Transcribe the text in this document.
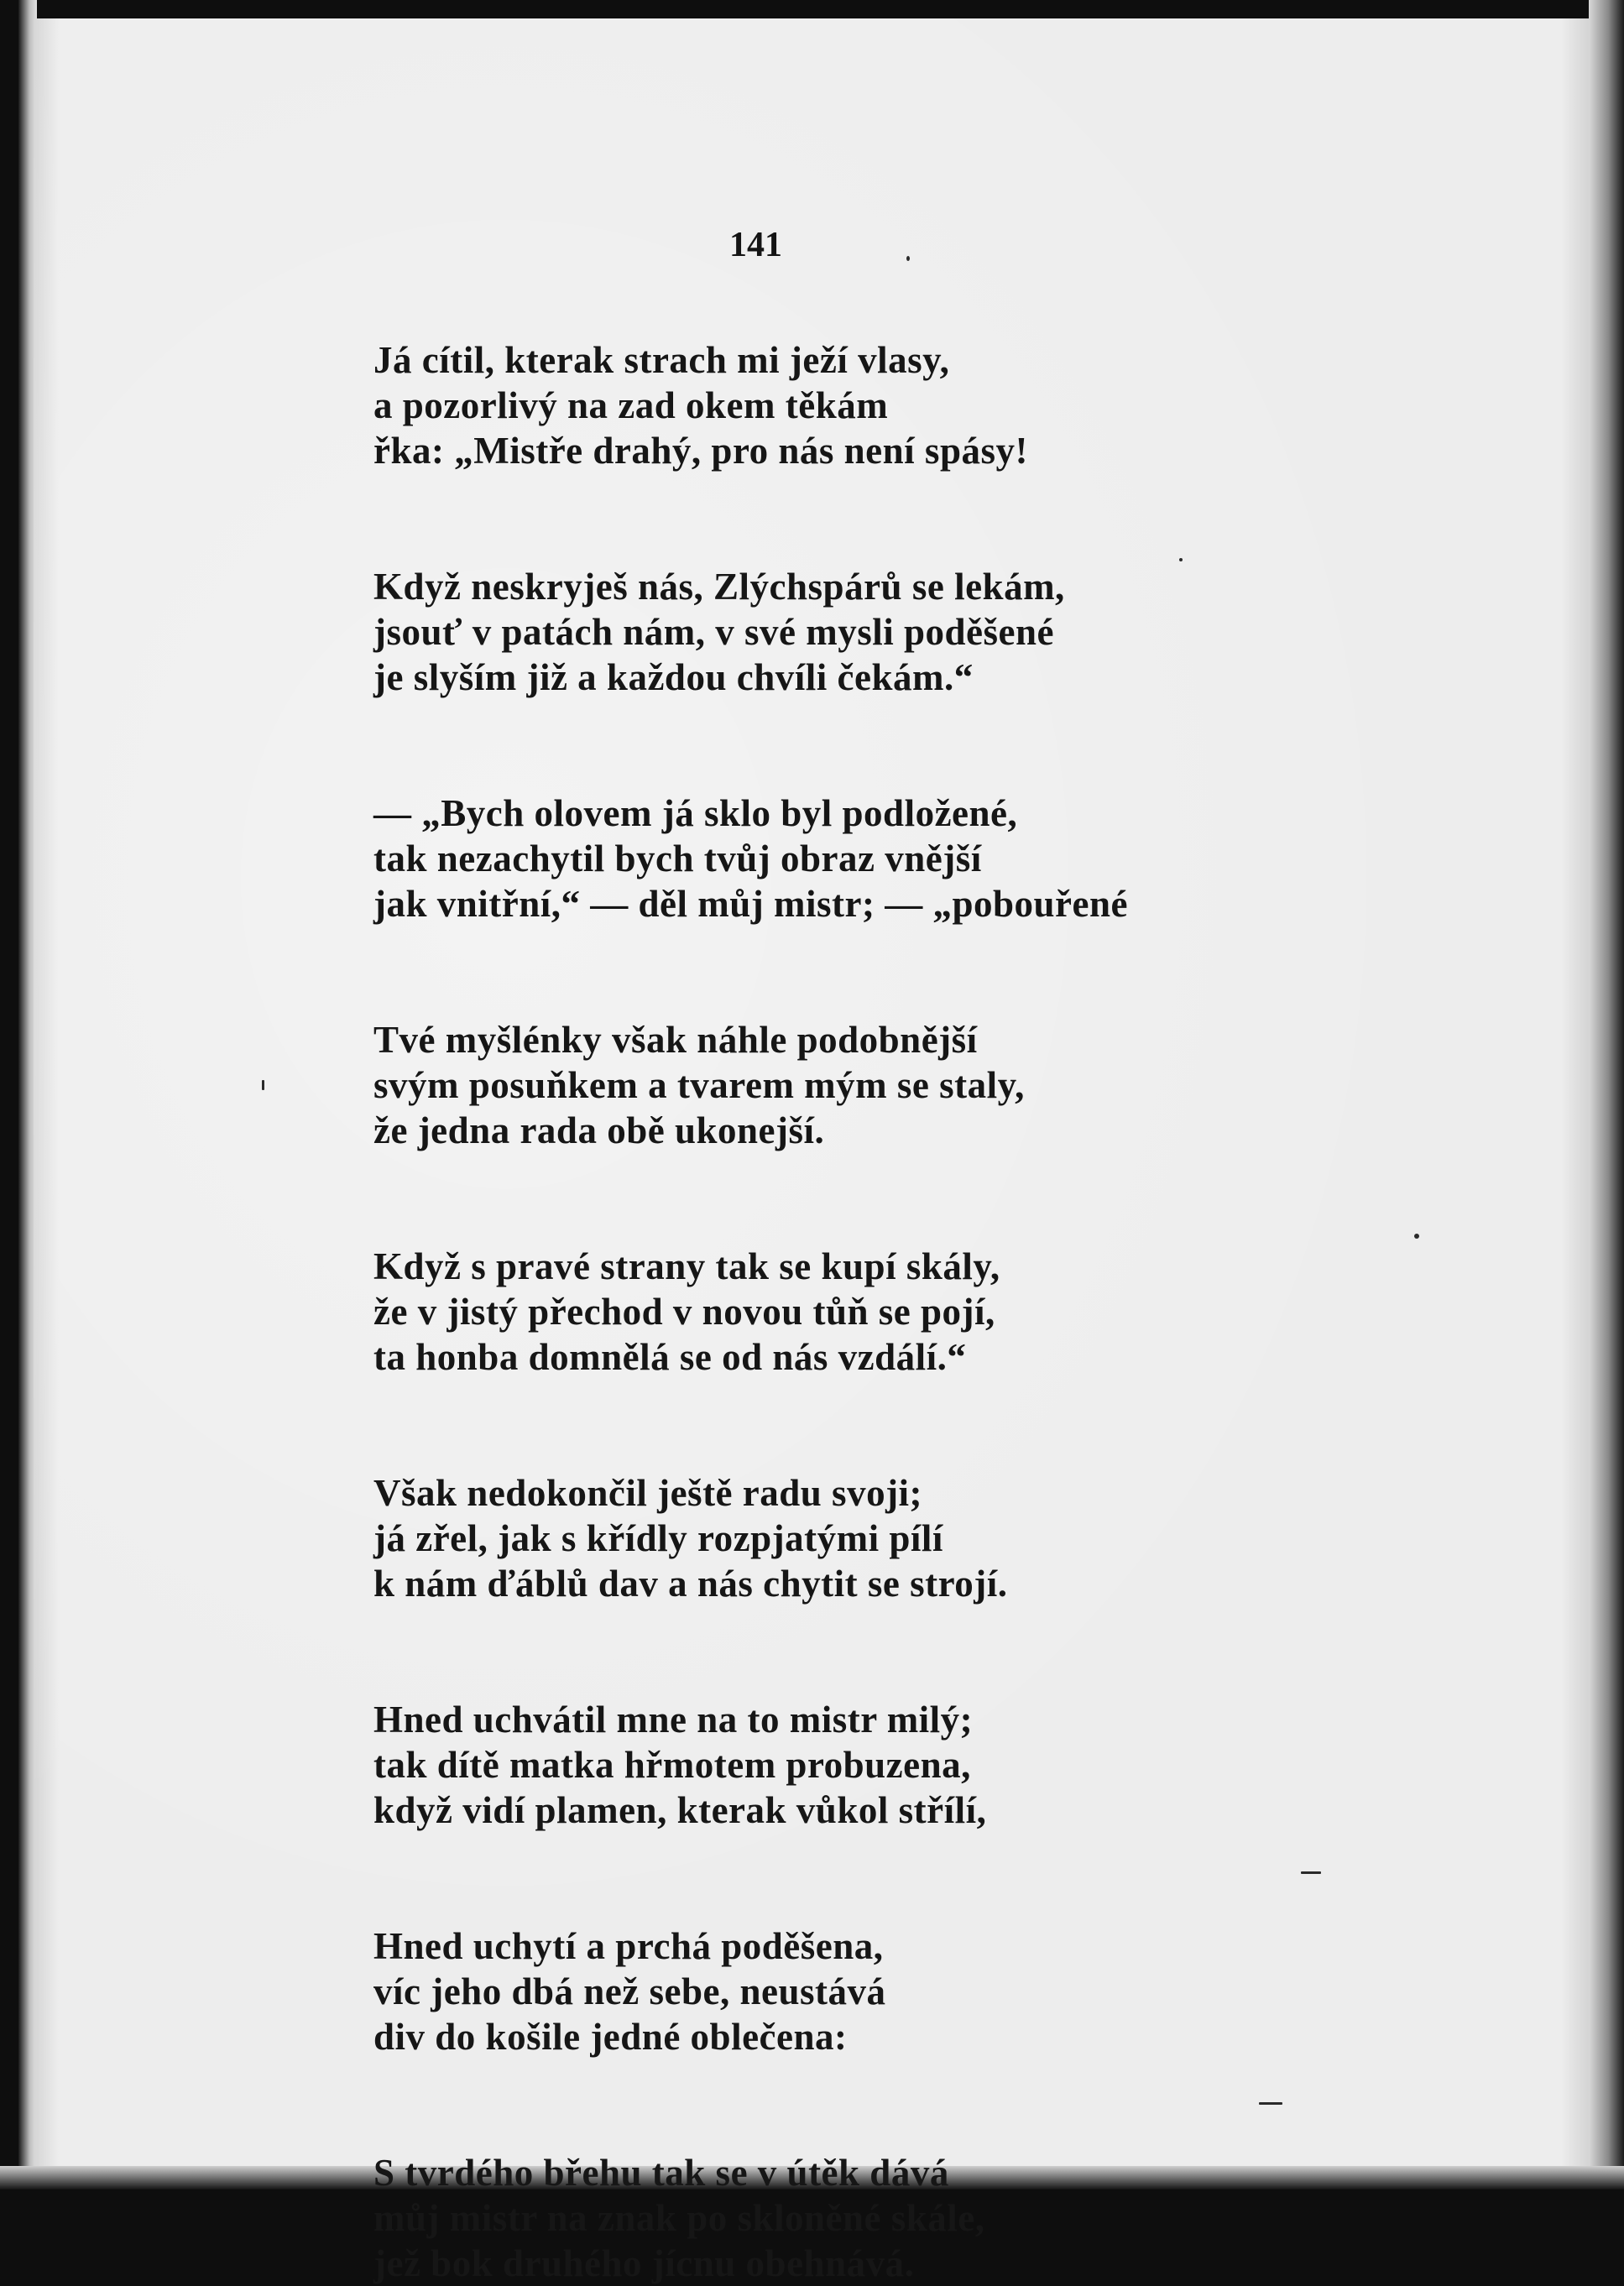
141
Já cítil, kterak strach mi ježí vlasy,
a pozorlivý na zad okem těkám
řka: „Mistře drahý, pro nás není spásy!
Když neskryješ nás, Zlýchspárů se lekám,
jsouť v patách nám, v své mysli poděšené
je slyším již a každou chvíli čekám.“
— „Bych olovem já sklo byl podložené,
tak nezachytil bych tvůj obraz vnější
jak vnitřní,“ — děl můj mistr; — „pobouřené
Tvé myšlénky však náhle podobnější
svým posuňkem a tvarem mým se staly,
že jedna rada obě ukonejší.
Když s pravé strany tak se kupí skály,
že v jistý přechod v novou tůň se pojí,
ta honba domnělá se od nás vzdálí.“
Však nedokončil ještě radu svoji;
já zřel, jak s křídly rozpjatými pílí
k nám ďáblů dav a nás chytit se strojí.
Hned uchvátil mne na to mistr milý;
tak dítě matka hřmotem probuzena,
když vidí plamen, kterak vůkol střílí,
Hned uchytí a prchá poděšena,
víc jeho dbá než sebe, neustává
div do košile jedné oblečena:
S tvrdého břehu tak se v útěk dává
můj mistr na znak po skloněné skále,
jež bok druhého jícnu obehnává.
